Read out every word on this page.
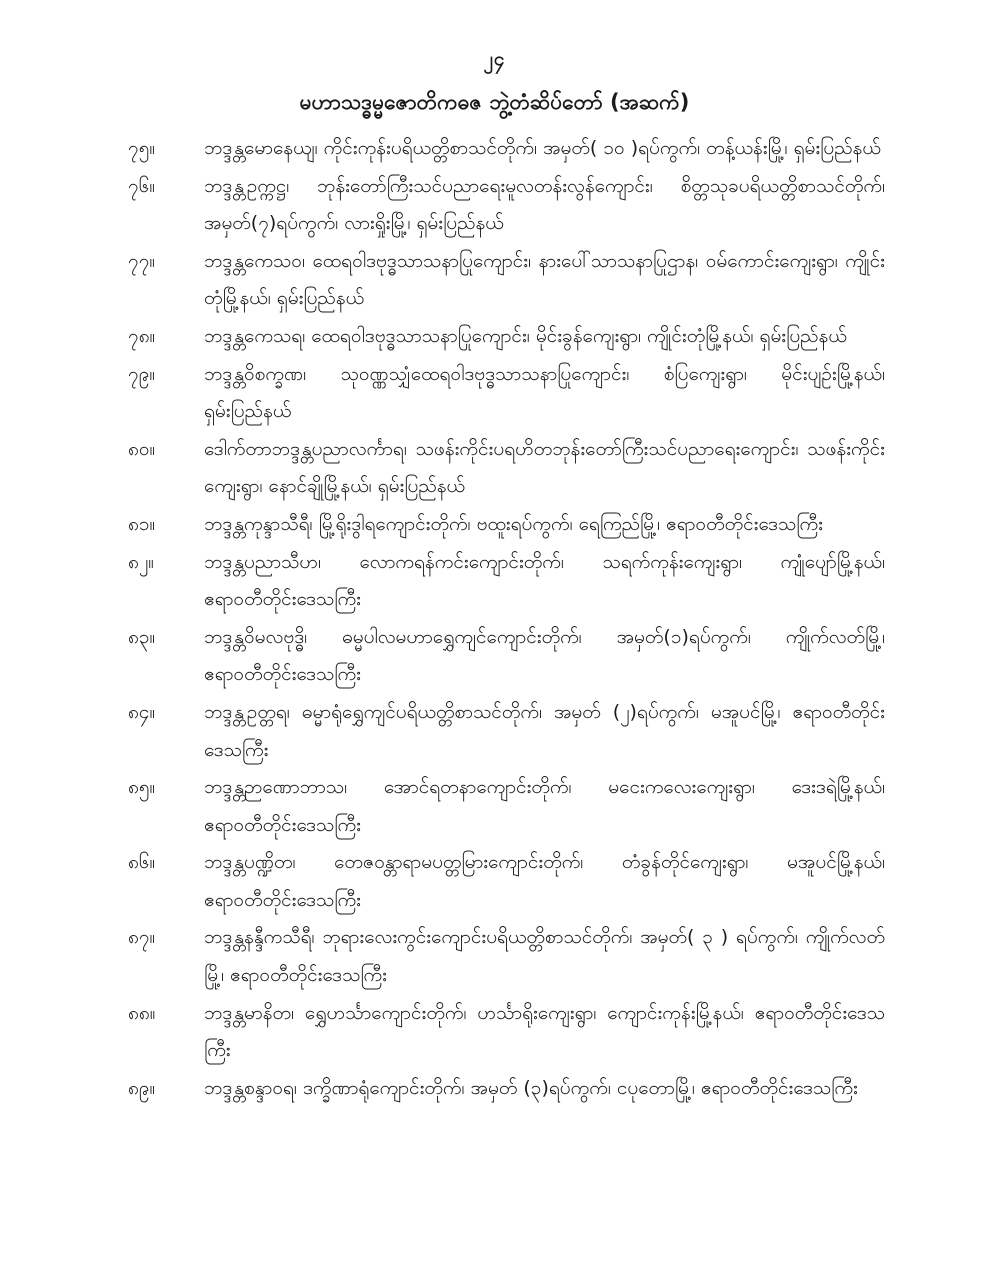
၂၄
မဟာသဒ္ဓမ္မဇောတိကဓဇ ဘွဲ့တံဆိပ်တော် (အဆက်)
၇၅။	ဘဒ္ဒန္တမောနေယျ၊ ကိုင်းကုန်းပရိယတ္တိစာသင်တိုက်၊ အမှတ်( ၁၀ )ရပ်ကွက်၊ တန့်ယန်းမြို့၊ ရှမ်းပြည်နယ်
၇၆။	ဘဒ္ဒန္တဥက္ကဋ္ဌ၊ ဘုန်းတော်ကြီးသင်ပညာရေးမူလတန်းလွန်ကျောင်း၊ စိတ္တသုခပရိယတ္တိစာသင်တိုက်၊ အမှတ်(၇)ရပ်ကွက်၊ လားရှိုးမြို့၊ ရှမ်းပြည်နယ်
၇၇။	ဘဒ္ဒန္တကေသဝ၊ ထေရဝါဒဗုဒ္ဓသာသနာပြုကျောင်း၊ နားပေါ်သာသနာပြုဌာန၊ ဝမ်ကောင်းကျေးရွာ၊ ကျိုင်းတုံမြို့နယ်၊ ရှမ်းပြည်နယ်
၇၈။	ဘဒ္ဒန္တကေသရ၊ ထေရဝါဒဗုဒ္ဓသာသနာပြုကျောင်း၊ မိုင်းခွန်ကျေးရွာ၊ ကျိုင်းတုံမြို့နယ်၊ ရှမ်းပြည်နယ်
၇၉။	ဘဒ္ဒန္တဝိစက္ခဏ၊ သုဝဏ္ဏသျှံထေရဝါဒဗုဒ္ဓသာသနာပြုကျောင်း၊ စံပြကျေးရွာ၊ မိုင်းပျဉ်းမြို့နယ်၊ ရှမ်းပြည်နယ်
၈၀။	ဒေါက်တာဘဒ္ဒန္တပညာလင်္ကာရ၊ သဖန်းကိုင်းပရဟိတဘုန်းတော်ကြီးသင်ပညာရေးကျောင်း၊ သဖန်းကိုင်းကျေးရွာ၊ နောင်ချိုမြို့နယ်၊ ရှမ်းပြည်နယ်
၈၁။	ဘဒ္ဒန္တကုန္ဒာသီရီ၊ မြို့ရိုးဒွါရကျောင်းတိုက်၊ ဗထူးရပ်ကွက်၊ ရေကြည်မြို့၊ ဧရာဝတီတိုင်းဒေသကြီး
၈၂။	ဘဒ္ဒန္တပညာသီဟ၊ လောကရန်ကင်းကျောင်းတိုက်၊ သရက်ကုန်းကျေးရွာ၊ ကျုံပျော်မြို့နယ်၊ ဧရာဝတီတိုင်းဒေသကြီး
၈၃။	ဘဒ္ဒန္တဝိမလဗုဒ္ဓိ၊ ဓမ္မပါလမဟာရွှေကျင်ကျောင်းတိုက်၊ အမှတ်(၁)ရပ်ကွက်၊ ကျိုက်လတ်မြို့၊ ဧရာဝတီတိုင်းဒေသကြီး
၈၄။	ဘဒ္ဒန္တဥတ္တရ၊ ဓမ္မာရုံရွှေကျင်ပရိယတ္တိစာသင်တိုက်၊ အမှတ် (၂)ရပ်ကွက်၊ မအူပင်မြို့၊ ဧရာဝတီတိုင်းဒေသကြီး
၈၅။	ဘဒ္ဒန္တဉာဏောဘာသ၊ အောင်ရတနာကျောင်းတိုက်၊ မငေးကလေးကျေးရွာ၊ ဒေးဒရဲမြို့နယ်၊ ဧရာဝတီတိုင်းဒေသကြီး
၈၆။	ဘဒ္ဒန္တပဏ္ဍိတ၊ တေဇဝန္တာရာမပတ္တမြားကျောင်းတိုက်၊ တံခွန်တိုင်ကျေးရွာ၊ မအူပင်မြို့နယ်၊ ဧရာဝတီတိုင်းဒေသကြီး
၈၇။	ဘဒ္ဒန္တနန္ဒီကသီရီ၊ ဘုရားလေးကွင်းကျောင်းပရိယတ္တိစာသင်တိုက်၊ အမှတ်( ၃ ) ရပ်ကွက်၊ ကျိုက်လတ်မြို့၊ ဧရာဝတီတိုင်းဒေသကြီး
၈၈။	ဘဒ္ဒန္တမာနိတ၊ ရွှေဟင်္သာကျောင်းတိုက်၊ ဟင်္သာရိုးကျေးရွာ၊ ကျောင်းကုန်းမြို့နယ်၊ ဧရာဝတီတိုင်းဒေသကြီး
၈၉။	ဘဒ္ဒန္တစန္ဒာဝရ၊ ဒက္ခိဏာရုံကျောင်းတိုက်၊ အမှတ် (၃)ရပ်ကွက်၊ ငပုတောမြို့၊ ဧရာဝတီတိုင်းဒေသကြီး
